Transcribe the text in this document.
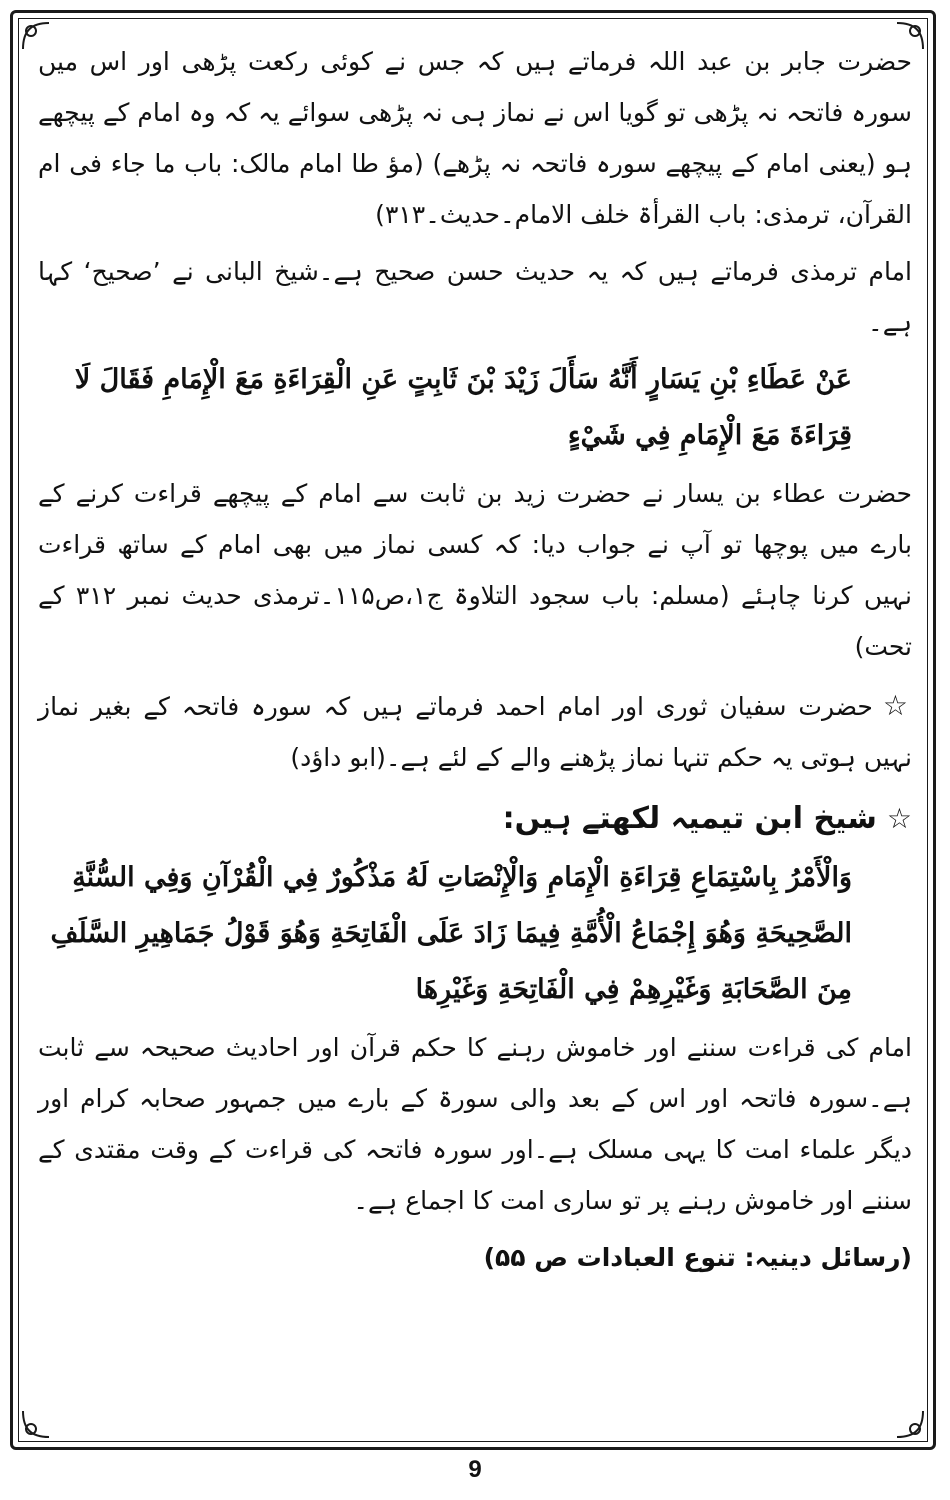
حضرت جابر بن عبد اللہ فرماتے ہیں کہ جس نے کوئی رکعت پڑھی اور اس میں سورہ فاتحہ نہ پڑھی تو گویا اس نے نماز ہی نہ پڑھی سوائے یہ کہ وہ امام کے پیچھے ہو (یعنی امام کے پیچھے سورہ فاتحہ نہ پڑھے) (مؤ طا امام مالک: باب ما جاء فی ام القرآن، ترمذی: باب القرأۃ خلف الامام۔حدیث۔۳۱۳)

امام ترمذی فرماتے ہیں کہ یہ حدیث حسن صحیح ہے۔شیخ البانی نے ’صحیح‘ کہا ہے۔

عَنْ عَطَاءِ بْنِ يَسَارٍ أَنَّهُ سَأَلَ زَيْدَ بْنَ ثَابِتٍ عَنِ الْقِرَاءَةِ مَعَ الْإِمَامِ فَقَالَ لَا قِرَاءَةَ مَعَ الْإِمَامِ فِي شَيْءٍ

حضرت عطاء بن یسار نے حضرت زید بن ثابت سے امام کے پیچھے قراءت کرنے کے بارے میں پوچھا تو آپ نے جواب دیا: کہ کسی نماز میں بھی امام کے ساتھ قراءت نہیں کرنا چاہئے (مسلم: باب سجود التلاوۃ ج۱،ص۱۱۵۔ترمذی حدیث نمبر ۳۱۲ کے تحت)

☆حضرت سفیان ثوری اور امام احمد فرماتے ہیں کہ سورہ فاتحہ کے بغیر نماز نہیں ہوتی یہ حکم تنہا نماز پڑھنے والے کے لئے ہے۔(ابو داؤد)

☆شیخ ابن تیمیہ لکھتے ہیں:

وَالْأَمْرُ بِاسْتِمَاعِ قِرَاءَةِ الْإِمَامِ وَالْإِنْصَاتِ لَهُ مَذْكُورٌ فِي الْقُرْآنِ وَفِي السُّنَّةِ الصَّحِيحَةِ وَهُوَ إِجْمَاعُ الْأُمَّةِ فِيمَا زَادَ عَلَى الْفَاتِحَةِ وَهُوَ قَوْلُ جَمَاهِيرِ السَّلَفِ مِنَ الصَّحَابَةِ وَغَيْرِهِمْ فِي الْفَاتِحَةِ وَغَيْرِهَا

امام کی قراءت سننے اور خاموش رہنے کا حکم قرآن اور احادیث صحیحہ سے ثابت ہے۔سورہ فاتحہ اور اس کے بعد والی سورۃ کے بارے میں جمہور صحابہ کرام اور دیگر علماء امت کا یہی مسلک ہے۔اور سورہ فاتحہ کی قراءت کے وقت مقتدی کے سننے اور خاموش رہنے پر تو ساری امت کا اجماع ہے۔

(رسائل دینیہ: تنوع العبادات ص ۵۵)

9
